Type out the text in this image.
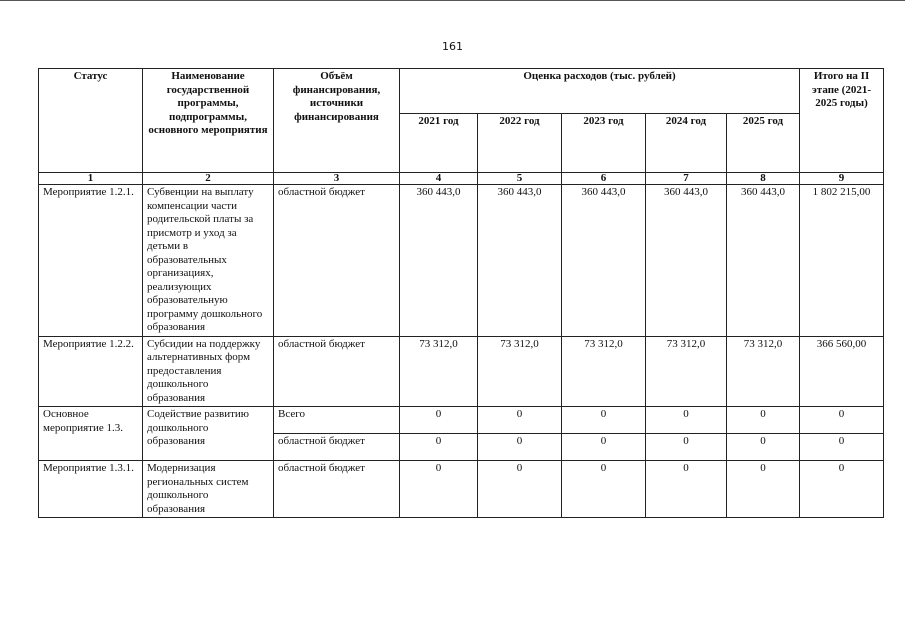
161
Статус	Наименование государственной программы, подпрограммы, основного мероприятия	Объём финансирования, источники финансирования	Оценка расходов (тыс. рублей)					Итого на II этапе (2021-2025 годы)
			2021 год	2022 год	2023 год	2024 год	2025 год	
1	2	3	4	5	6	7	8	9
Мероприятие 1.2.1.	Субвенции на выплату компенсации части родительской платы за присмотр и уход за детьми в образовательных организациях, реализующих образовательную программу дошкольного образования	областной бюджет	360 443,0	360 443,0	360 443,0	360 443,0	360 443,0	1 802 215,00
Мероприятие 1.2.2.	Субсидии на поддержку альтернативных форм предоставления дошкольного образования	областной бюджет	73 312,0	73 312,0	73 312,0	73 312,0	73 312,0	366 560,00
Основное мероприятие 1.3.	Содействие развитию дошкольного образования	Всего	0	0	0	0	0	0
		областной бюджет	0	0	0	0	0	0
Мероприятие 1.3.1.	Модернизация региональных систем дошкольного образования	областной бюджет	0	0	0	0	0	0
